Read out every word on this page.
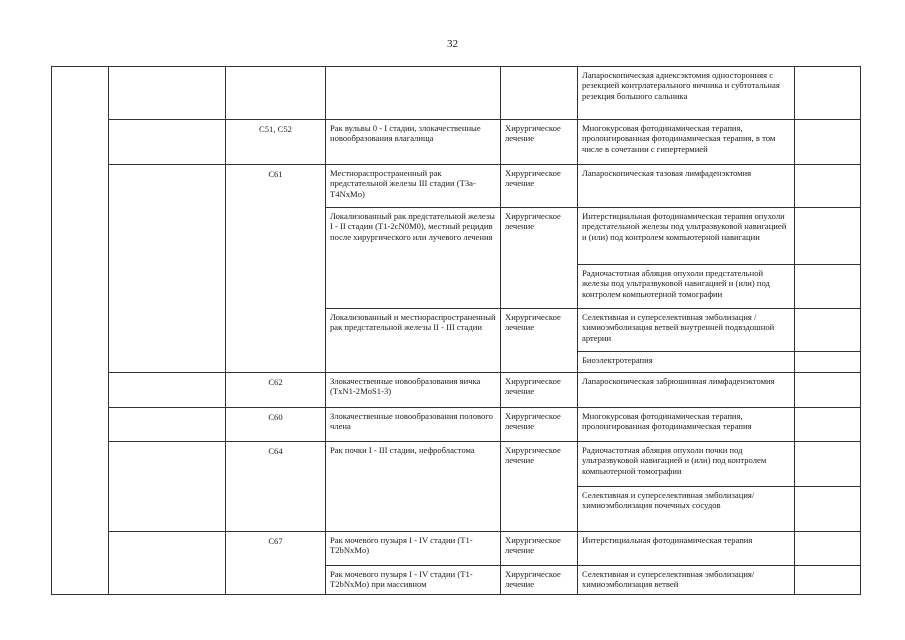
32
					Лапароскопическая аднексэктомия односторонняя с резекцией контрлатерального яичника и субтотальная резекция большого сальника	
		C51, C52	Рак вульвы 0 - I стадии, злокачественные новообразования влагалища	Хирургическое лечение	Многокурсовая фотодинамическая терапия, пролонгированная фотодинамическая терапия, в том числе в сочетании с гипертермией	
		C61	Местнораспространенный рак предстательной железы III стадии (T3a-T4NxMo)	Хирургическое лечение	Лапароскопическая тазовая лимфаденэктомия	
			Локализованный рак предстательной железы I - II стадии (T1-2cN0M0), местный рецидив после хирургического или лучевого лечения	Хирургическое лечение	Интерстициальная фотодинамическая терапия опухоли предстательной железы под ультразвуковой навигацией и (или) под контролем компьютерной навигации	
					Радиочастотная абляция опухоли предстательной железы под ультразвуковой навигацией и (или) под контролем компьютерной томографии	
			Локализованный и местнораспространенный рак предстательной железы II - III стадии	Хирургическое лечение	Селективная и суперселективная эмболизация /химиоэмболизация ветвей внутренней подвздошной артерии	
					Биоэлектротерапия	
		C62	Злокачественные новообразования яичка (TxN1-2MoS1-3)	Хирургическое лечение	Лапароскопическая забрюшинная лимфаденэктомия	
		C60	Злокачественные новообразования полового члена	Хирургическое лечение	Многокурсовая фотодинамическая терапия, пролонгированная фотодинамическая терапия	
		C64	Рак почки I - III стадии, нефробластома	Хирургическое лечение	Радиочастотная абляция опухоли почки под ультразвуковой навигацией и (или) под контролем компьютерной томографии	
					Селективная и суперселективная эмболизация/химиоэмболизация почечных сосудов	
		C67	Рак мочевого пузыря I - IV стадии (T1-T2bNxMo)	Хирургическое лечение	Интерстициальная фотодинамическая терапия	
			Рак мочевого пузыря I - IV стадии (T1-T2bNxMo) при массивном	Хирургическое лечение	Селективная и суперселективная эмболизация/химиоэмболизация ветвей	
